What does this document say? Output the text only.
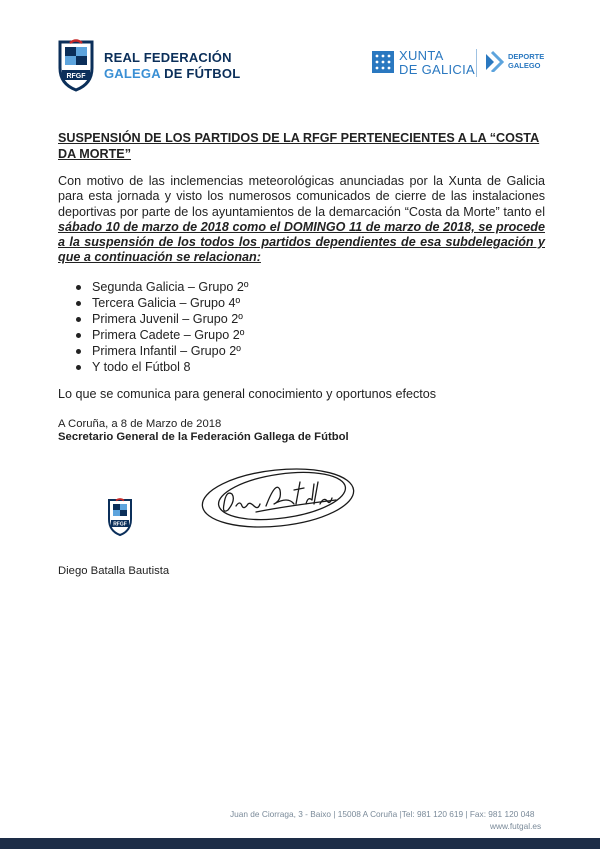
RFGF
REAL FEDERACIÓN
GALEGA DE FÚTBOL
XUNTA
DE GALICIA
DEPORTE
GALEGO
SUSPENSIÓN DE LOS PARTIDOS DE LA RFGF PERTENECIENTES A LA “COSTA DA MORTE”
Con motivo de las inclemencias meteorológicas anunciadas por la Xunta de Galicia para esta jornada y visto los numerosos comunicados de cierre de las instalaciones deportivas por parte de los ayuntamientos de la demarcación “Costa da Morte” tanto el sábado 10 de marzo de 2018 como el DOMINGO 11 de marzo de 2018, se procede a la suspensión de los todos los partidos dependientes de esa subdelegación y que a continuación se relacionan:
Segunda Galicia – Grupo 2º
Tercera Galicia – Grupo 4º
Primera Juvenil – Grupo 2º
Primera Cadete – Grupo 2º
Primera Infantil – Grupo 2º
Y todo el Fútbol 8
Lo que se comunica para general conocimiento y oportunos efectos
A Coruña, a 8 de Marzo de 2018
Secretario General de la Federación Gallega de Fútbol
RFGF
Diego Batalla Bautista
Juan de Ciorraga, 3 - Baixo | 15008 A Coruña |Tel: 981 120 619 | Fax: 981 120 048
www.futgal.es
